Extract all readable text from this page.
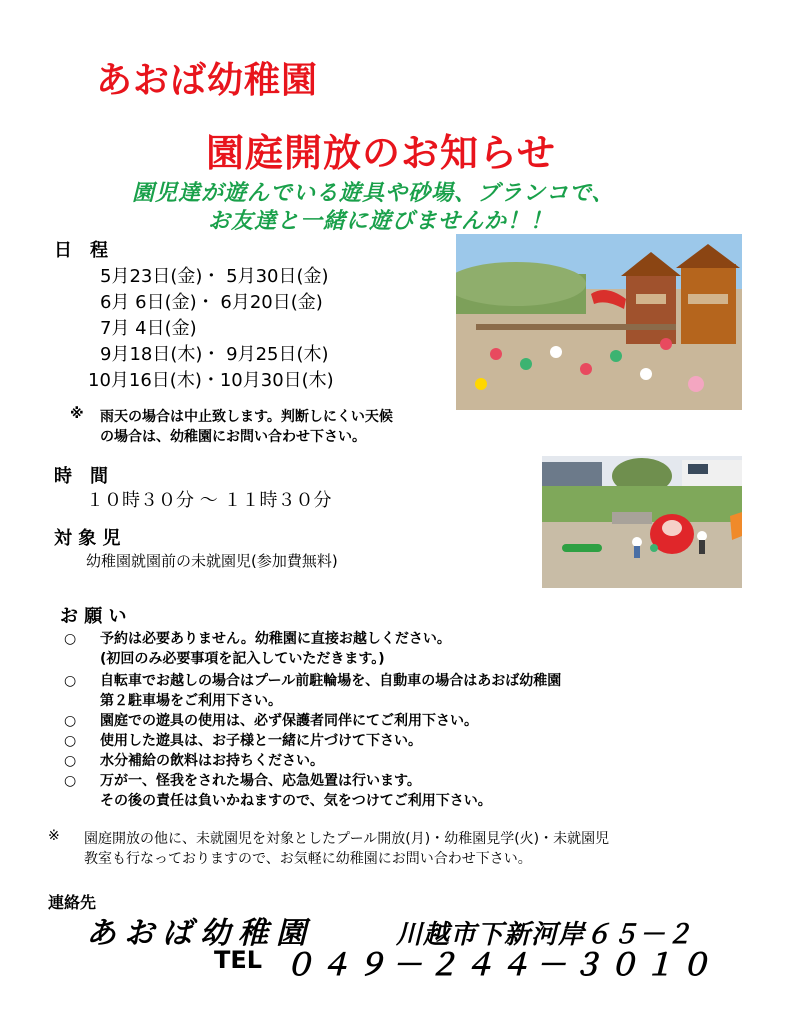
あおば幼稚園
園庭開放のお知らせ
園児達が遊んでいる遊具や砂場、ブランコで、
お友達と一緒に遊びませんか！！
日　程
5月23日(金)・ 5月30日(金)
6月 6日(金)・ 6月20日(金)
7月 4日(金)
9月18日(木)・ 9月25日(木)
10月16日(木)・10月30日(木)
※ 雨天の場合は中止致します。判断しにくい天候
の場合は、幼稚園にお問い合わせ下さい。
時　間
１０時３０分 ～ １１時３０分
対 象 児
幼稚園就園前の未就園児(参加費無料)
お 願 い
○ 予約は必要ありません。幼稚園に直接お越しください。
(初回のみ必要事項を記入していただきます。)
○ 自転車でお越しの場合はプール前駐輪場を、自動車の場合はあおば幼稚園
第２駐車場をご利用下さい。
○ 園庭での遊具の使用は、必ず保護者同伴にてご利用下さい。
○ 使用した遊具は、お子様と一緒に片づけて下さい。
○ 水分補給の飲料はお持ちください。
○ 万が一、怪我をされた場合、応急処置は行います。
その後の責任は負いかねますので、気をつけてご利用下さい。
※ 園庭開放の他に、未就園児を対象としたプール開放(月)・幼稚園見学(火)・未就園児
教室も行なっておりますので、お気軽に幼稚園にお問い合わせ下さい。
連絡先
あおば幼稚園	川越市下新河岸６５－２
TEL ０４９－２４４－３０１０
